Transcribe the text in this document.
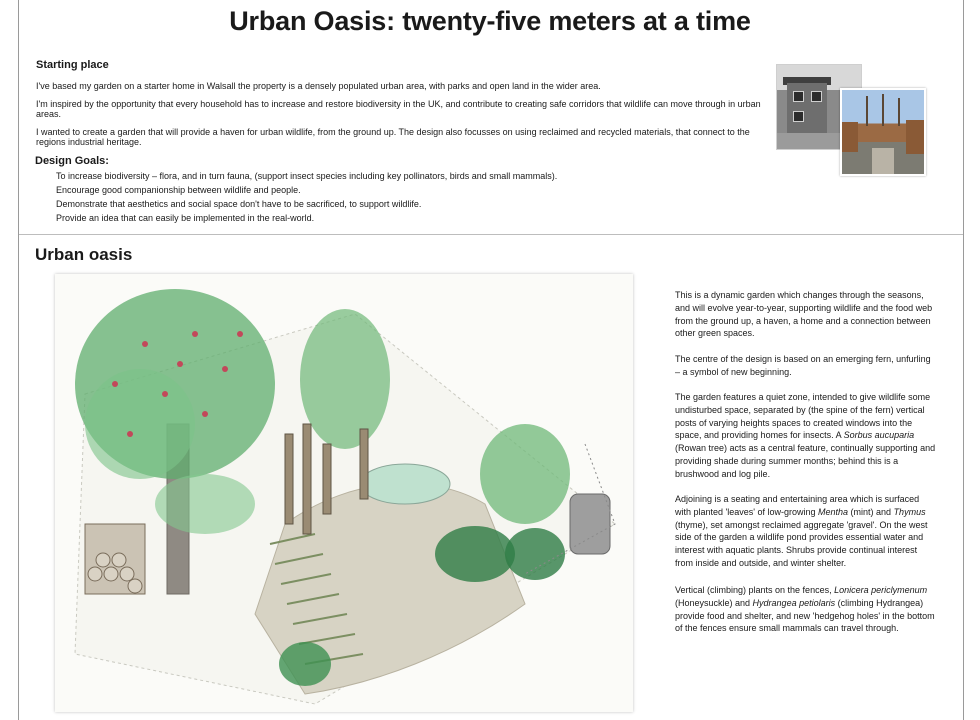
Urban Oasis: twenty-five meters at a time
Starting place

I've based my garden on a starter home in Walsall the property is a densely populated urban area, with parks and open land in the wider area.

I'm inspired by the opportunity that every household has to increase and restore biodiversity in the UK, and contribute to creating safe corridors that wildlife can move through in urban areas.

I wanted to create a garden that will provide a haven for urban wildlife, from the ground up. The design also focusses on using reclaimed and recycled materials, that connect to the regions industrial heritage.

Design Goals:
To increase biodiversity – flora, and in turn fauna, (support insect species including key pollinators, birds and small mammals).
Encourage good companionship between wildlife and people.
Demonstrate that aesthetics and social space don't have to be sacrificed, to support wildlife.
Provide an idea that can easily be implemented in the real-world.
Urban oasis

This is a dynamic garden which changes through the seasons, and will evolve year-to-year, supporting wildlife and the food web from the ground up, a haven, a home and a connection between other green spaces.

The centre of the design is based on an emerging fern, unfurling – a symbol of new beginning.

The garden features a quiet zone, intended to give wildlife some undisturbed space, separated by (the spine of the fern) vertical posts of varying heights spaces to created windows into the space, and providing homes for insects. A Sorbus aucuparia (Rowan tree) acts as a central feature, continually supporting and providing shade during summer months; behind this is a brushwood and log pile.

Adjoining is a seating and entertaining area which is surfaced with planted 'leaves' of low-growing Mentha (mint) and Thymus (thyme), set amongst reclaimed aggregate 'gravel'. On the west side of the garden a wildlife pond provides essential water and interest with aquatic plants. Shrubs provide continual interest from inside and outside, and winter shelter.

Vertical (climbing) plants on the fences, Lonicera periclymenum (Honeysuckle) and Hydrangea petiolaris (climbing Hydrangea) provide food and shelter, and new 'hedgehog holes' in the bottom of the fences ensure small mammals can travel through.
